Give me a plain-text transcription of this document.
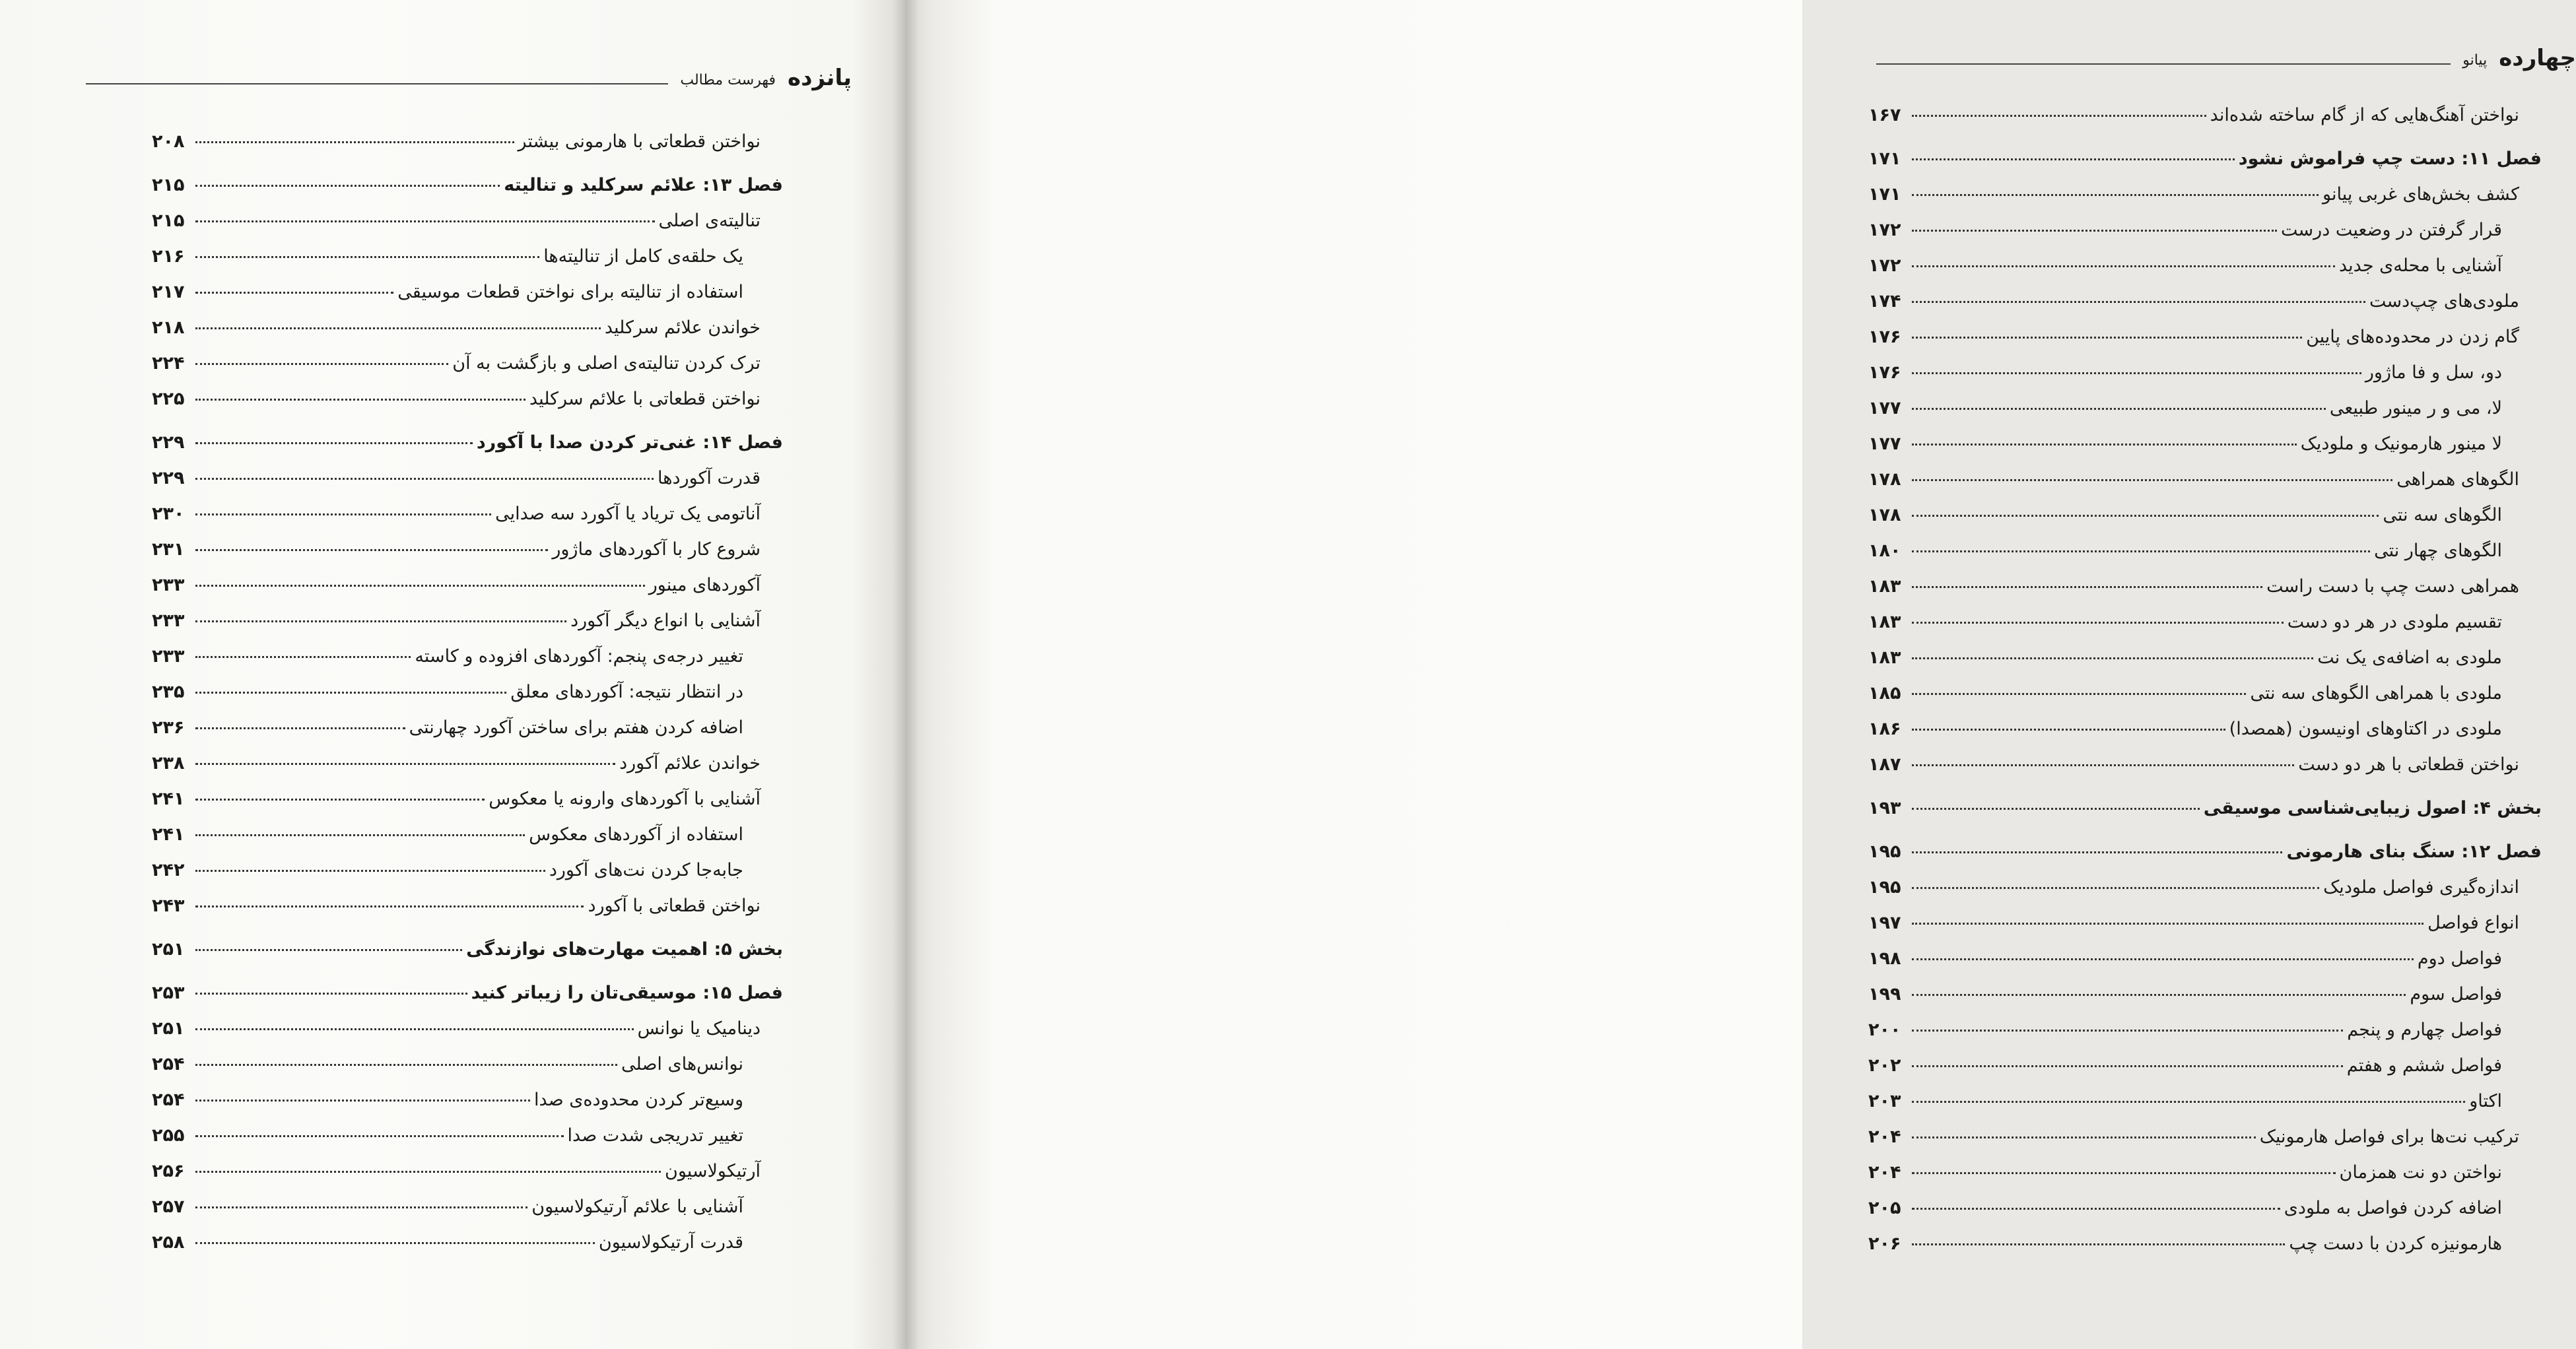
پانزده
فهرست مطالب
نواختن قطعاتی با هارمونی بیشتر
۲۰۸
فصل ۱۳: علائم سرکلید و تنالیته
۲۱۵
تنالیته‌ی اصلی
۲۱۵
یک حلقه‌ی کامل از تنالیته‌ها
۲۱۶
استفاده از تنالیته برای نواختن قطعات موسیقی
۲۱۷
خواندن علائم سرکلید
۲۱۸
ترک کردن تنالیته‌ی اصلی و بازگشت به آن
۲۲۴
نواختن قطعاتی با علائم سرکلید
۲۲۵
فصل ۱۴: غنی‌تر کردن صدا با آکورد
۲۲۹
قدرت آکوردها
۲۲۹
آناتومی یک تریاد یا آکورد سه صدایی
۲۳۰
شروع کار با آکوردهای ماژور
۲۳۱
آکوردهای مینور
۲۳۳
آشنایی با انواع دیگر آکورد
۲۳۳
تغییر درجه‌ی پنجم: آکوردهای افزوده و کاسته
۲۳۳
در انتظار نتیجه: آکوردهای معلق
۲۳۵
اضافه کردن هفتم برای ساختن آکورد چهارنتی
۲۳۶
خواندن علائم آکورد
۲۳۸
آشنایی با آکوردهای وارونه یا معکوس
۲۴۱
استفاده از آکوردهای معکوس
۲۴۱
جابه‌جا کردن نت‌های آکورد
۲۴۲
نواختن قطعاتی با آکورد
۲۴۳
بخش ۵: اهمیت مهارت‌های نوازندگی
۲۵۱
فصل ۱۵: موسیقی‌تان را زیباتر کنید
۲۵۳
دینامیک یا نوانس
۲۵۱
نوانس‌های اصلی
۲۵۴
وسیع‌تر کردن محدوده‌ی صدا
۲۵۴
تغییر تدریجی شدت صدا
۲۵۵
آرتیکولاسیون
۲۵۶
آشنایی با علائم آرتیکولاسیون
۲۵۷
قدرت آرتیکولاسیون
۲۵۸
چهارده
پیانو
نواختن آهنگ‌هایی که از گام ساخته شده‌اند
۱۶۷
فصل ۱۱: دست چپ فراموش نشود
۱۷۱
کشف بخش‌های غربی پیانو
۱۷۱
قرار گرفتن در وضعیت درست
۱۷۲
آشنایی با محله‌ی جدید
۱۷۲
ملودی‌های چپ‌دست
۱۷۴
گام زدن در محدوده‌های پایین
۱۷۶
دو، سل و فا ماژور
۱۷۶
لا، می و ر مینور طبیعی
۱۷۷
لا مینور هارمونیک و ملودیک
۱۷۷
الگوهای همراهی
۱۷۸
الگوهای سه نتی
۱۷۸
الگوهای چهار نتی
۱۸۰
همراهی دست چپ با دست راست
۱۸۳
تقسیم ملودی در هر دو دست
۱۸۳
ملودی به اضافه‌ی یک نت
۱۸۳
ملودی با همراهی الگوهای سه نتی
۱۸۵
ملودی در اکتاوهای اونیسون (همصدا)
۱۸۶
نواختن قطعاتی با هر دو دست
۱۸۷
بخش ۴: اصول زیبایی‌شناسی موسیقی
۱۹۳
فصل ۱۲: سنگ بنای هارمونی
۱۹۵
اندازه‌گیری فواصل ملودیک
۱۹۵
انواع فواصل
۱۹۷
فواصل دوم
۱۹۸
فواصل سوم
۱۹۹
فواصل چهارم و پنجم
۲۰۰
فواصل ششم و هفتم
۲۰۲
اکتاو
۲۰۳
ترکیب نت‌ها برای فواصل هارمونیک
۲۰۴
نواختن دو نت همزمان
۲۰۴
اضافه کردن فواصل به ملودی
۲۰۵
هارمونیزه کردن با دست چپ
۲۰۶
